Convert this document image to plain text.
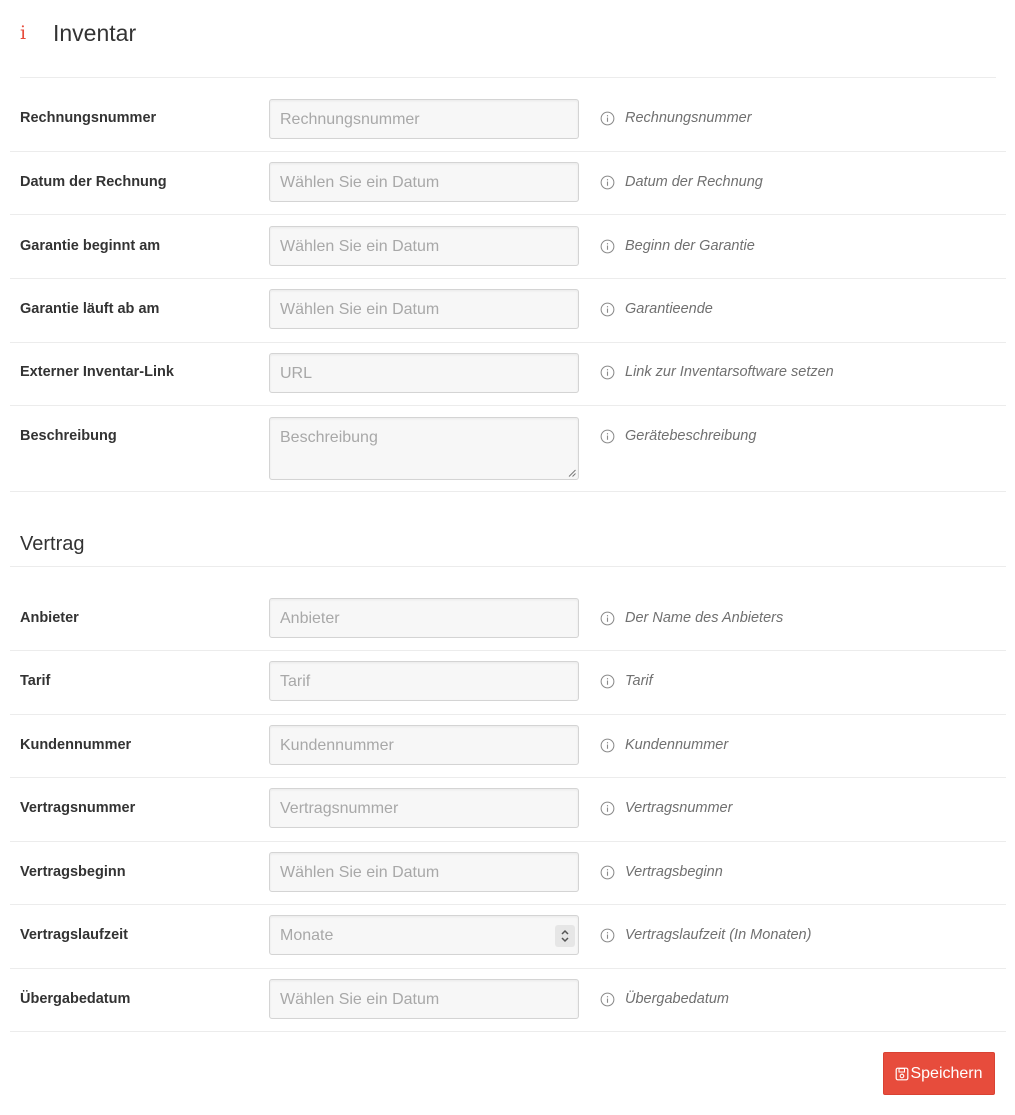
i	Inventar
Rechnungsnummer	Rechnungsnummer	Rechnungsnummer
Datum der Rechnung	Wählen Sie ein Datum	Datum der Rechnung
Garantie beginnt am	Wählen Sie ein Datum	Beginn der Garantie
Garantie läuft ab am	Wählen Sie ein Datum	Garantieende
Externer Inventar-Link	URL	Link zur Inventarsoftware setzen
Beschreibung	Beschreibung	Gerätebeschreibung
Vertrag
Anbieter	Anbieter	Der Name des Anbieters
Tarif	Tarif	Tarif
Kundennummer	Kundennummer	Kundennummer
Vertragsnummer	Vertragsnummer	Vertragsnummer
Vertragsbeginn	Wählen Sie ein Datum	Vertragsbeginn
Vertragslaufzeit	Monate	Vertragslaufzeit (In Monaten)
Übergabedatum	Wählen Sie ein Datum	Übergabedatum
Speichern
